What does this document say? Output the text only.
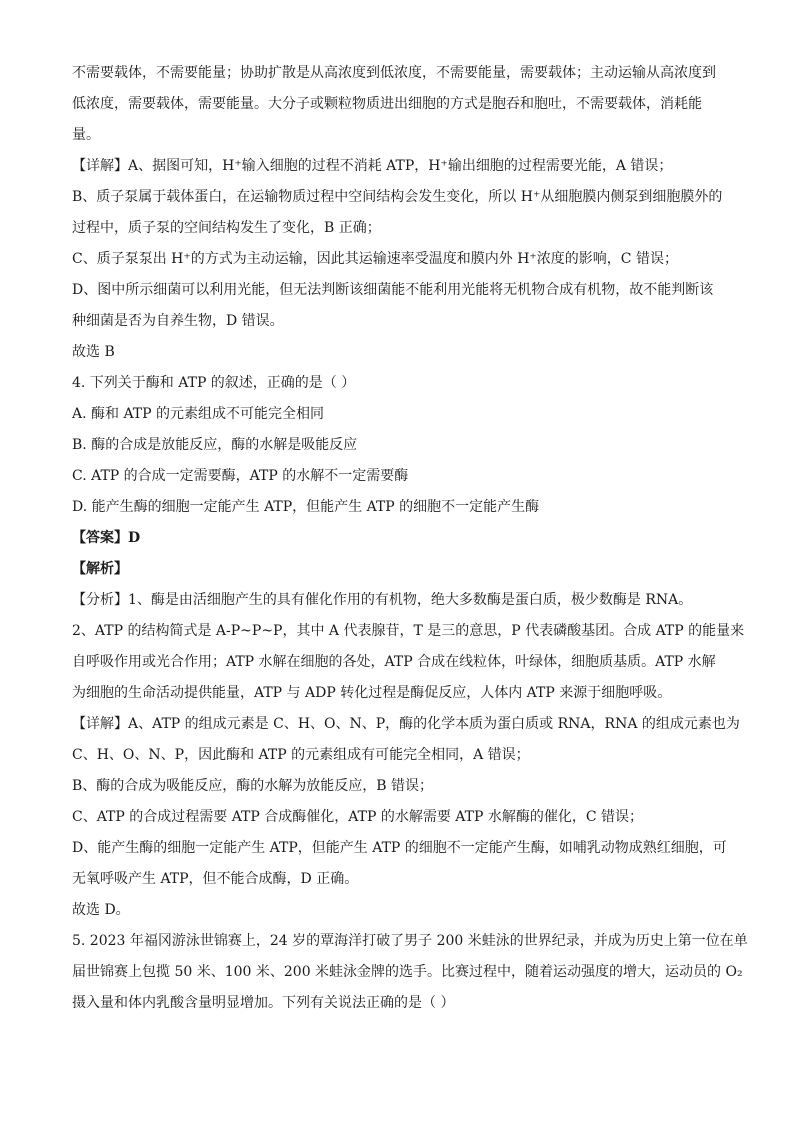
不需要载体，不需要能量；协助扩散是从高浓度到低浓度，不需要能量，需要载体；主动运输从高浓度到
低浓度，需要载体，需要能量。大分子或颗粒物质进出细胞的方式是胞吞和胞吐，不需要载体，消耗能
量。
【详解】A、据图可知，H⁺输入细胞的过程不消耗 ATP，H⁺输出细胞的过程需要光能，A 错误；
B、质子泵属于载体蛋白，在运输物质过程中空间结构会发生变化，所以 H⁺从细胞膜内侧泵到细胞膜外的
过程中，质子泵的空间结构发生了变化，B 正确；
C、质子泵泵出 H⁺的方式为主动运输，因此其运输速率受温度和膜内外 H⁺浓度的影响，C 错误；
D、图中所示细菌可以利用光能，但无法判断该细菌能不能利用光能将无机物合成有机物，故不能判断该
种细菌是否为自养生物，D 错误。
故选 B
4. 下列关于酶和 ATP 的叙述，正确的是（ ）
A. 酶和 ATP 的元素组成不可能完全相同
B. 酶的合成是放能反应，酶的水解是吸能反应
C. ATP 的合成一定需要酶，ATP 的水解不一定需要酶
D. 能产生酶的细胞一定能产生 ATP，但能产生 ATP 的细胞不一定能产生酶
【答案】D
【解析】
【分析】1、酶是由活细胞产生的具有催化作用的有机物，绝大多数酶是蛋白质，极少数酶是 RNA。
2、ATP 的结构简式是 A-P~P~P，其中 A 代表腺苷，T 是三的意思，P 代表磷酸基团。合成 ATP 的能量来
自呼吸作用或光合作用；ATP 水解在细胞的各处，ATP 合成在线粒体，叶绿体，细胞质基质。ATP 水解
为细胞的生命活动提供能量，ATP 与 ADP 转化过程是酶促反应，人体内 ATP 来源于细胞呼吸。
【详解】A、ATP 的组成元素是 C、H、O、N、P，酶的化学本质为蛋白质或 RNA，RNA 的组成元素也为
C、H、O、N、P，因此酶和 ATP 的元素组成有可能完全相同，A 错误；
B、酶的合成为吸能反应，酶的水解为放能反应，B 错误；
C、ATP 的合成过程需要 ATP 合成酶催化，ATP 的水解需要 ATP 水解酶的催化，C 错误；
D、能产生酶的细胞一定能产生 ATP，但能产生 ATP 的细胞不一定能产生酶，如哺乳动物成熟红细胞，可
无氧呼吸产生 ATP，但不能合成酶，D 正确。
故选 D。
5. 2023 年福冈游泳世锦赛上，24 岁的覃海洋打破了男子 200 米蛙泳的世界纪录，并成为历史上第一位在单
届世锦赛上包揽 50 米、100 米、200 米蛙泳金牌的选手。比赛过程中，随着运动强度的增大，运动员的 O₂
摄入量和体内乳酸含量明显增加。下列有关说法正确的是（ ）
